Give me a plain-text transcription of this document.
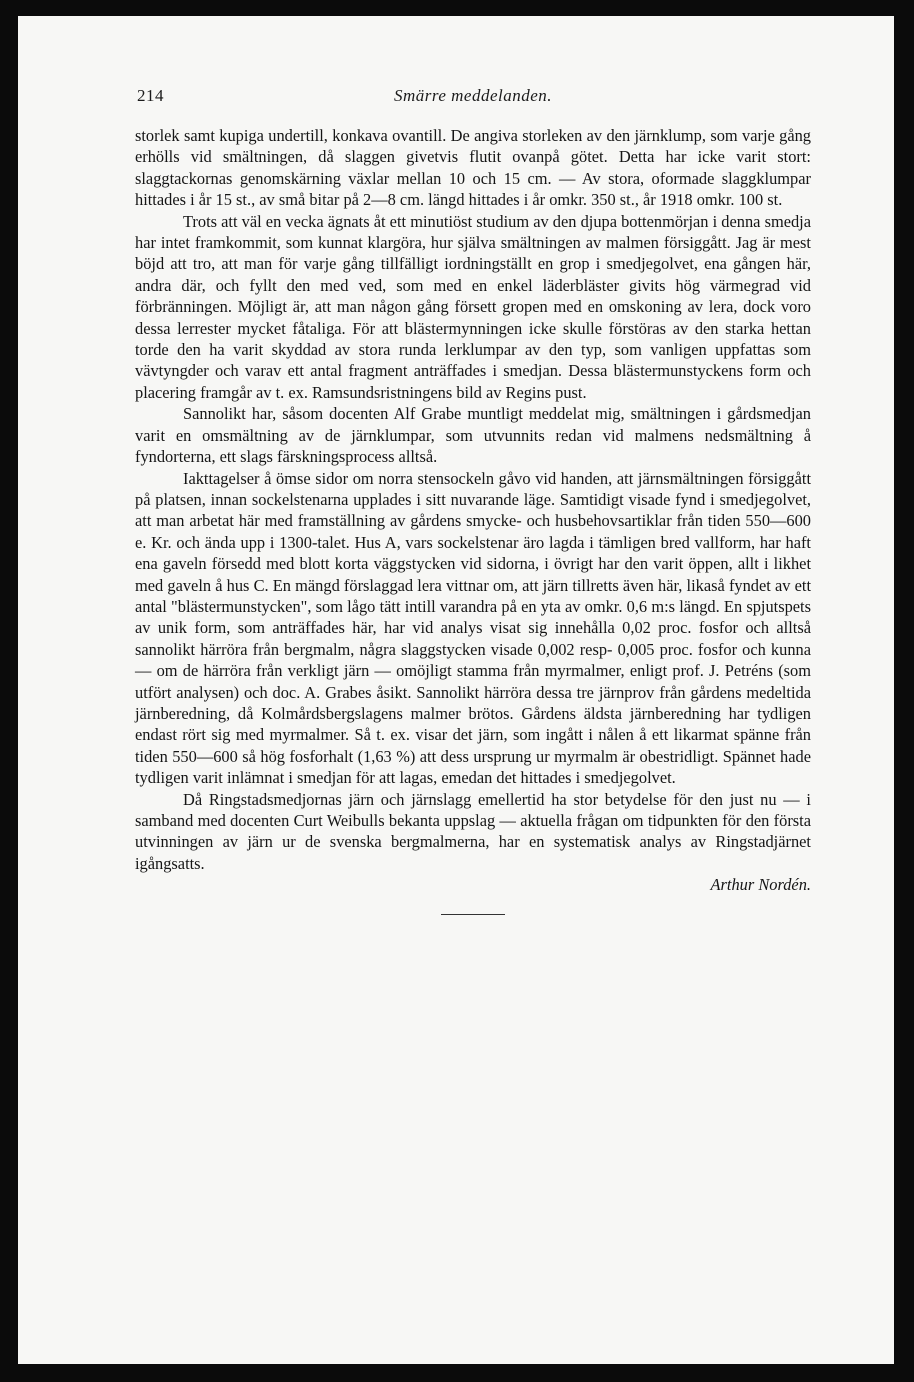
214	Smärre meddelanden.

storlek samt kupiga undertill, konkava ovantill. De angiva storleken av den järnklump, som varje gång erhölls vid smältningen, då slaggen givetvis flutit ovanpå götet. Detta har icke varit stort: slaggtackornas genomskärning växlar mellan 10 och 15 cm. — Av stora, oformade slaggklumpar hittades i år 15 st., av små bitar på 2—8 cm. längd hittades i år omkr. 350 st., år 1918 omkr. 100 st.

Trots att väl en vecka ägnats åt ett minutiöst studium av den djupa bottenmörjan i denna smedja har intet framkommit, som kunnat klargöra, hur själva smältningen av malmen försiggått. Jag är mest böjd att tro, att man för varje gång tillfälligt iordningställt en grop i smedjegolvet, ena gången här, andra där, och fyllt den med ved, som med en enkel läderbläster givits hög värmegrad vid förbränningen. Möjligt är, att man någon gång försett gropen med en omskoning av lera, dock voro dessa lerrester mycket fåtaliga. För att blästermynningen icke skulle förstöras av den starka hettan torde den ha varit skyddad av stora runda lerklumpar av den typ, som vanligen uppfattas som vävtyngder och varav ett antal fragment anträffades i smedjan. Dessa blästermunstyckens form och placering framgår av t. ex. Ramsundsristningens bild av Regins pust.

Sannolikt har, såsom docenten Alf Grabe muntligt meddelat mig, smältningen i gårdsmedjan varit en omsmältning av de järnklumpar, som utvunnits redan vid malmens nedsmältning å fyndorterna, ett slags färskningsprocess alltså.

Iakttagelser å ömse sidor om norra stensockeln gåvo vid handen, att järnsmältningen försiggått på platsen, innan sockelstenarna upplades i sitt nuvarande läge. Samtidigt visade fynd i smedjegolvet, att man arbetat här med framställning av gårdens smycke- och husbehovsartiklar från tiden 550—600 e. Kr. och ända upp i 1300-talet. Hus A, vars sockelstenar äro lagda i tämligen bred vallform, har haft ena gaveln försedd med blott korta väggstycken vid sidorna, i övrigt har den varit öppen, allt i likhet med gaveln å hus C. En mängd förslaggad lera vittnar om, att järn tillretts även här, likaså fyndet av ett antal "blästermunstycken", som lågo tätt intill varandra på en yta av omkr. 0,6 m:s längd. En spjutspets av unik form, som anträffades här, har vid analys visat sig innehålla 0,02 proc. fosfor och alltså sannolikt härröra från bergmalm, några slaggstycken visade 0,002 resp- 0,005 proc. fosfor och kunna — om de härröra från verkligt järn — omöjligt stamma från myrmalmer, enligt prof. J. Petréns (som utfört analysen) och doc. A. Grabes åsikt. Sannolikt härröra dessa tre järnprov från gårdens medeltida järnberedning, då Kolmårdsbergslagens malmer brötos. Gårdens äldsta järnberedning har tydligen endast rört sig med myrmalmer. Så t. ex. visar det järn, som ingått i nålen å ett likarmat spänne från tiden 550—600 så hög fosforhalt (1,63 %) att dess ursprung ur myrmalm är obestridligt. Spännet hade tydligen varit inlämnat i smedjan för att lagas, emedan det hittades i smedjegolvet.

Då Ringstadsmedjornas järn och järnslagg emellertid ha stor betydelse för den just nu — i samband med docenten Curt Weibulls bekanta uppslag — aktuella frågan om tidpunkten för den första utvinningen av järn ur de svenska bergmalmerna, har en systematisk analys av Ringstadjärnet igångsatts.

Arthur Nordén.
